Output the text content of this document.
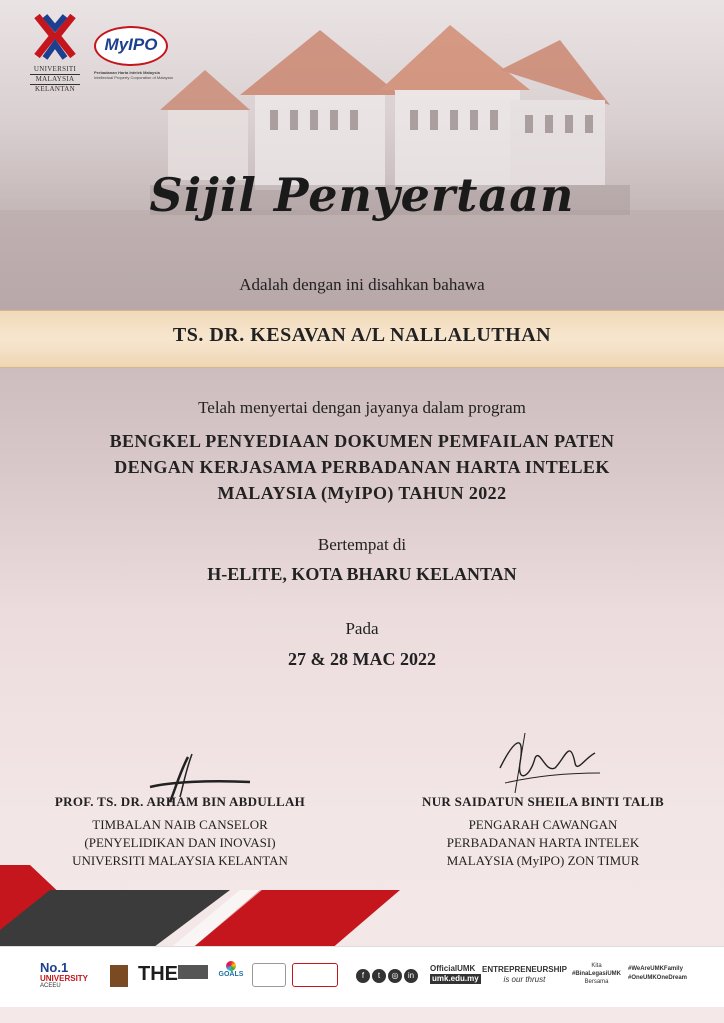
UNIVERSITI
MALAYSIA
KELANTAN
MyIPO
Perbadanan Harta Intelek Malaysia
Intellectual Property Corporation of Malaysia
Sijil Penyertaan
Adalah dengan ini disahkan bahawa
TS. DR. KESAVAN A/L NALLALUTHAN
Telah menyertai dengan jayanya dalam program
BENGKEL PENYEDIAAN DOKUMEN PEMFAILAN PATEN
DENGAN KERJASAMA PERBADANAN HARTA INTELEK
MALAYSIA (MyIPO) TAHUN 2022
Bertempat di
H-ELITE, KOTA BHARU KELANTAN
Pada
27 & 28 MAC 2022
PROF. TS. DR. ARHAM BIN ABDULLAH
TIMBALAN NAIB CANSELOR
(PENYELIDIKAN DAN INOVASI)
UNIVERSITI MALAYSIA KELANTAN
NUR SAIDATUN SHEILA BINTI TALIB
PENGARAH CAWANGAN
PERBADANAN HARTA INTELEK
MALAYSIA (MyIPO) ZON TIMUR
No.1
UNIVERSITY
ACEEU
THE	GOALS	f t ◎ in
OfficialUMK
umk.edu.my
ENTREPRENEURSHIP
is our thrust
Kita
#BinaLegasiUMK
Bersama
#WeAreUMKFamily
#OneUMKOneDream
